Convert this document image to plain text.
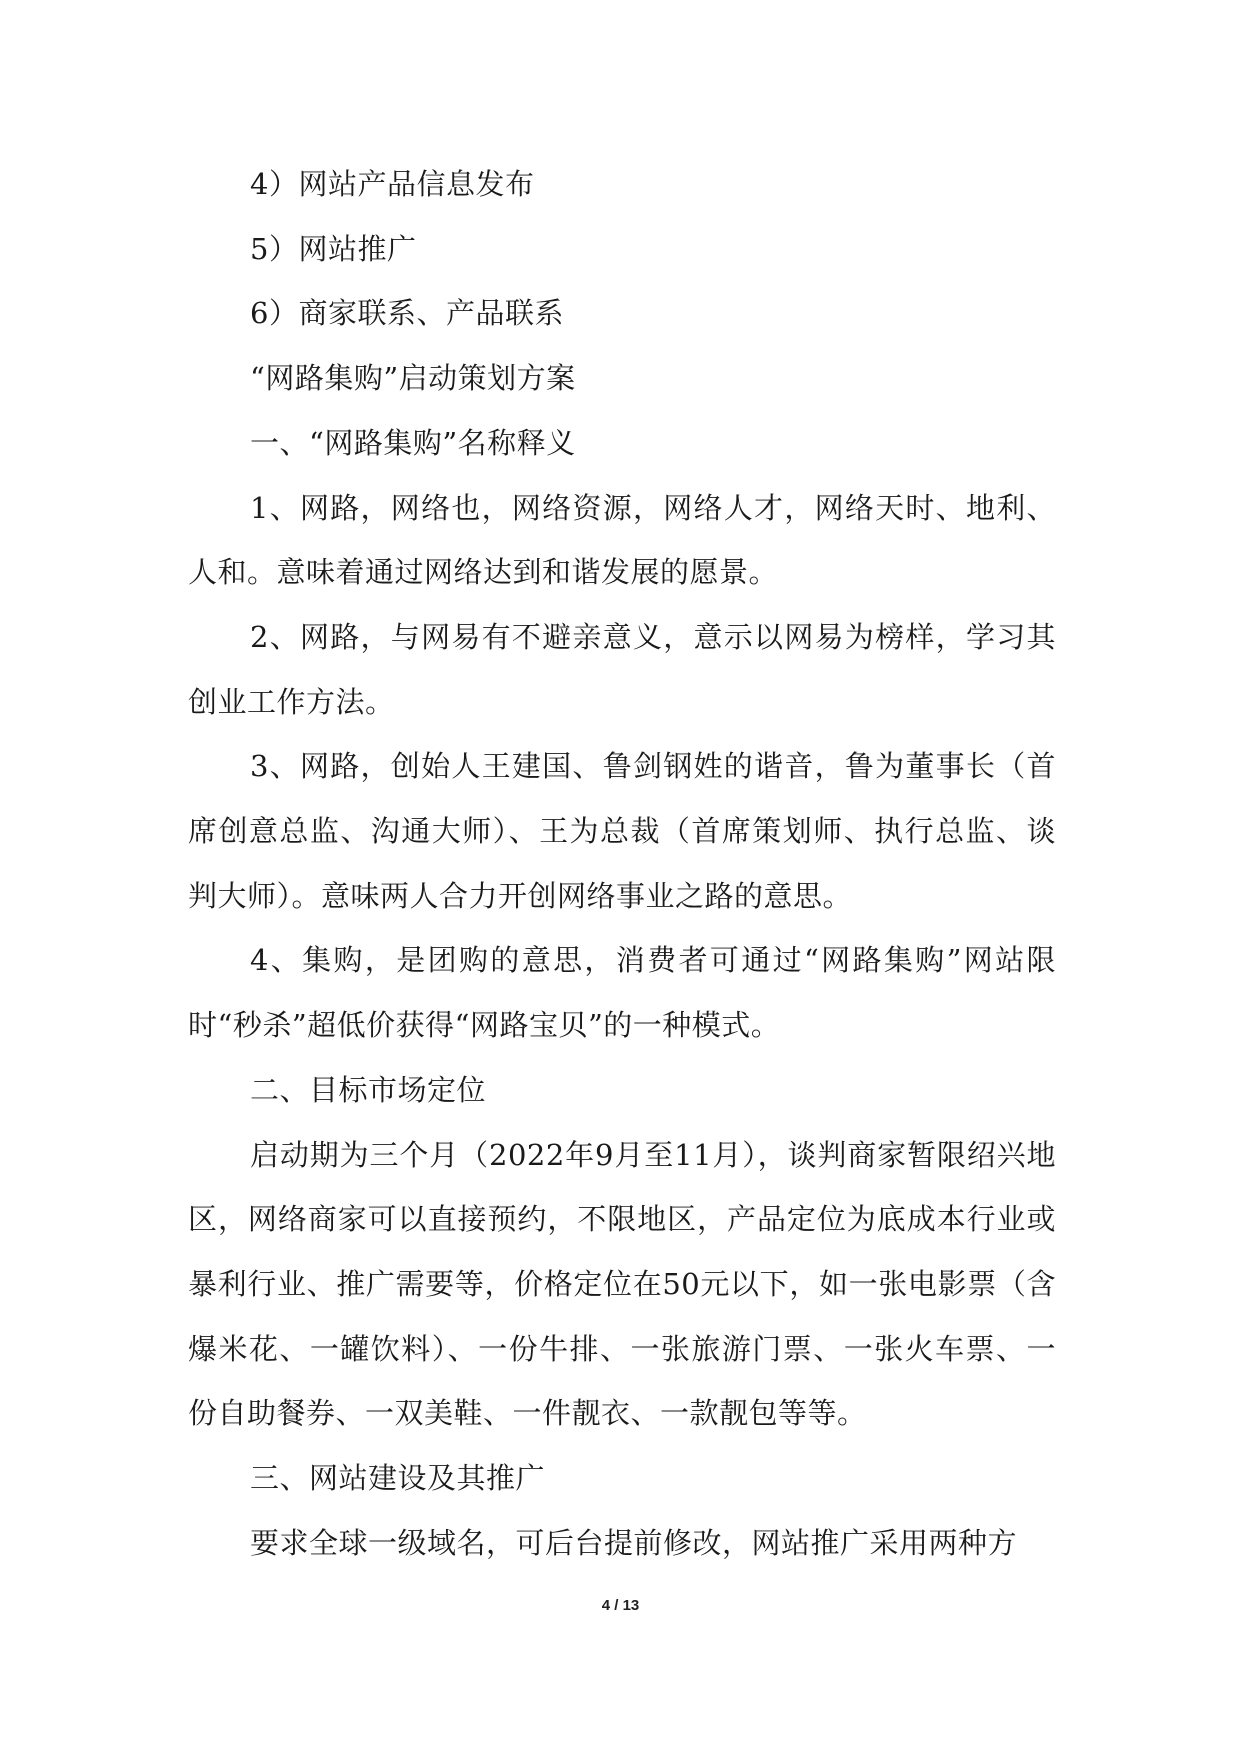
4）网站产品信息发布

5）网站推广

6）商家联系、产品联系

“网路集购”启动策划方案

一、“网路集购”名称释义

1、网路，网络也，网络资源，网络人才，网络天时、地利、人和。意味着通过网络达到和谐发展的愿景。

2、网路，与网易有不避亲意义，意示以网易为榜样，学习其创业工作方法。

3、网路，创始人王建国、鲁剑钢姓的谐音，鲁为董事长（首席创意总监、沟通大师）、王为总裁（首席策划师、执行总监、谈判大师）。意味两人合力开创网络事业之路的意思。

4、集购，是团购的意思，消费者可通过“网路集购”网站限时“秒杀”超低价获得“网路宝贝”的一种模式。

二、目标市场定位

启动期为三个月（2022年9月至11月），谈判商家暂限绍兴地区，网络商家可以直接预约，不限地区，产品定位为底成本行业或暴利行业、推广需要等，价格定位在50元以下，如一张电影票（含爆米花、一罐饮料）、一份牛排、一张旅游门票、一张火车票、一份自助餐券、一双美鞋、一件靓衣、一款靓包等等。

三、网站建设及其推广

要求全球一级域名，可后台提前修改，网站推广采用两种方

4 / 13
